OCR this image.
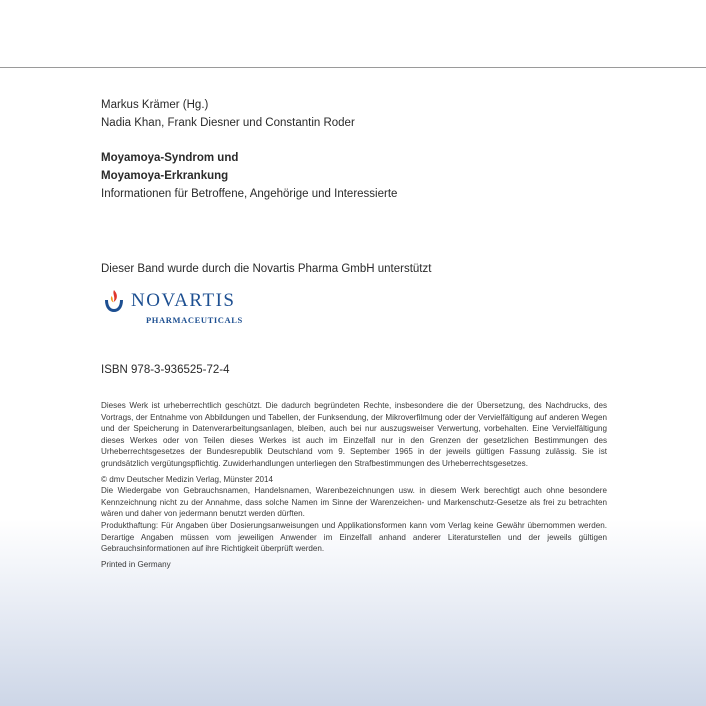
Markus Krämer (Hg.)
Nadia Khan, Frank Diesner und Constantin Roder
Moyamoya-Syndrom und
Moyamoya-Erkrankung
Informationen für Betroffene, Angehörige und Interessierte
Dieser Band wurde durch die Novartis Pharma GmbH unterstützt
NOVARTIS
PHARMACEUTICALS
ISBN 978-3-936525-72-4

Dieses Werk ist urheberrechtlich geschützt. Die dadurch begründeten Rechte, insbesondere die der Übersetzung, des Nachdrucks, des Vortrags, der Entnahme von Abbildungen und Tabellen, der Funksendung, der Mikroverfilmung oder der Vervielfältigung auf anderen Wegen und der Speicherung in Datenverarbeitungsanlagen, bleiben, auch bei nur auszugsweiser Verwertung, vorbehalten. Eine Vervielfältigung dieses Werkes oder von Teilen dieses Werkes ist auch im Einzelfall nur in den Grenzen der gesetzlichen Bestimmungen des Urheberrechtsgesetzes der Bundesrepublik Deutschland vom 9. September 1965 in der jeweils gültigen Fassung zulässig. Sie ist grundsätzlich vergütungspflichtig. Zuwiderhandlungen unterliegen den Strafbestimmungen des Urheberrechtsgesetzes.

© dmv Deutscher Medizin Verlag, Münster 2014

Die Wiedergabe von Gebrauchsnamen, Handelsnamen, Warenbezeichnungen usw. in diesem Werk berechtigt auch ohne besondere Kennzeichnung nicht zu der Annahme, dass solche Namen im Sinne der Warenzeichen- und Markenschutz-Gesetze als frei zu betrachten wären und daher von jedermann benutzt werden dürften.

Produkthaftung: Für Angaben über Dosierungsanweisungen und Applikationsformen kann vom Verlag keine Gewähr übernommen werden. Derartige Angaben müssen vom jeweiligen Anwender im Einzelfall anhand anderer Literaturstellen und der jeweils gültigen Gebrauchsinformationen auf ihre Richtigkeit überprüft werden.

Printed in Germany
